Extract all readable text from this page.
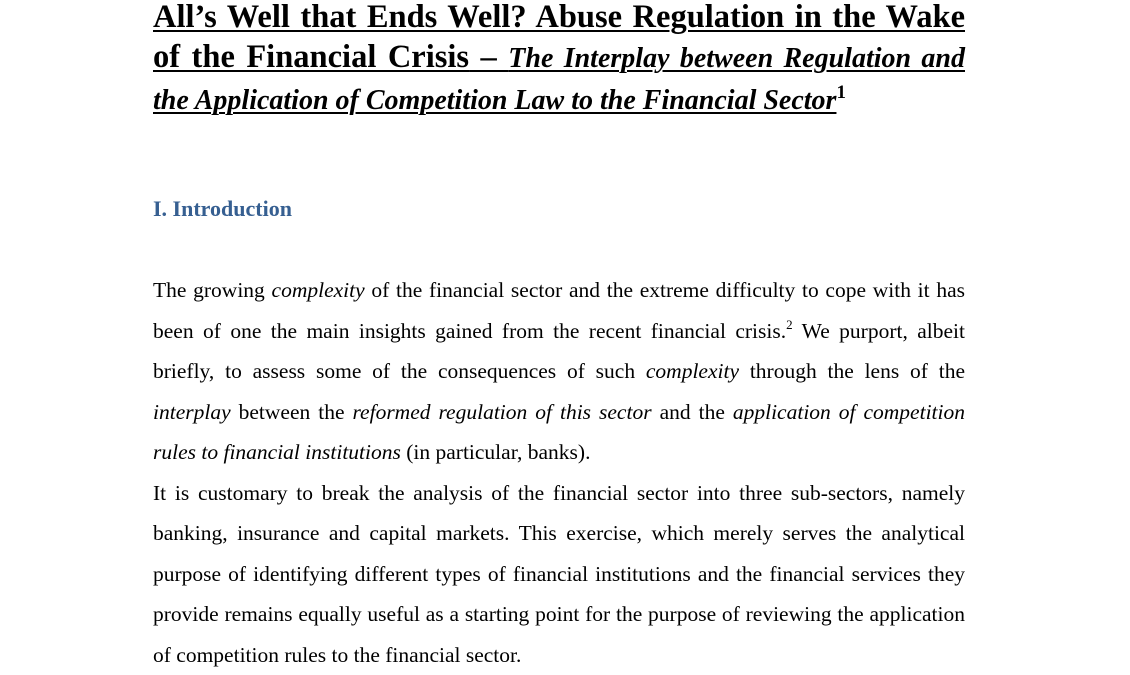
All’s Well that Ends Well? Abuse Regulation in the Wake of the Financial Crisis – The Interplay between Regulation and the Application of Competition Law to the Financial Sector$^1$
I. Introduction

The growing complexity of the financial sector and the extreme difficulty to cope with it has been of one the main insights gained from the recent financial crisis.$^2$ We purport, albeit briefly, to assess some of the consequences of such complexity through the lens of the interplay between the reformed regulation of this sector and the application of competition rules to financial institutions (in particular, banks).

It is customary to break the analysis of the financial sector into three sub-sectors, namely banking, insurance and capital markets. This exercise, which merely serves the analytical purpose of identifying different types of financial institutions and the financial services they provide remains equally useful as a starting point for the purpose of reviewing the application of competition rules to the financial sector.
